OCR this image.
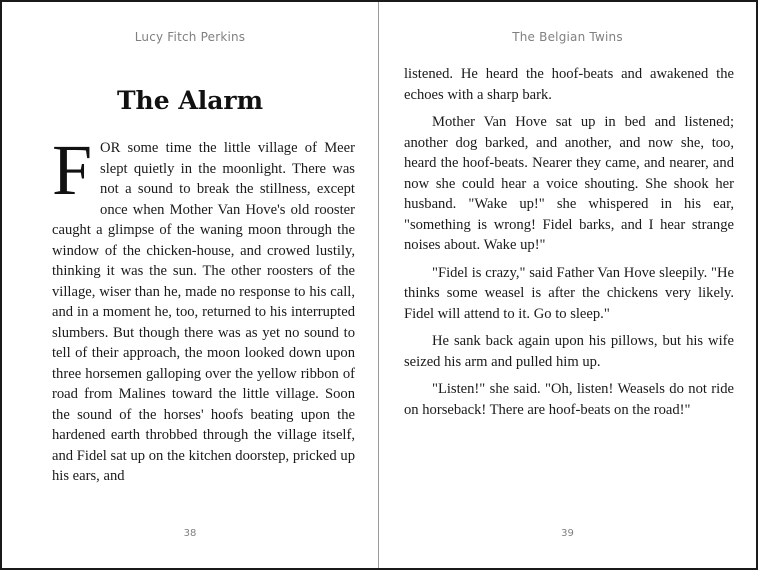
Lucy Fitch Perkins
The Alarm

FOR some time the little village of Meer slept quietly in the moonlight. There was not a sound to break the stillness, except once when Mother Van Hove's old rooster caught a glimpse of the waning moon through the window of the chicken-house, and crowed lustily, thinking it was the sun. The other roosters of the village, wiser than he, made no response to his call, and in a moment he, too, returned to his interrupted slumbers. But though there was as yet no sound to tell of their approach, the moon looked down upon three horsemen galloping over the yellow ribbon of road from Malines toward the little village. Soon the sound of the horses' hoofs beating upon the hardened earth throbbed through the village itself, and Fidel sat up on the kitchen doorstep, pricked up his ears, and

38
The Belgian Twins

listened. He heard the hoof-beats and awakened the echoes with a sharp bark.

Mother Van Hove sat up in bed and listened; another dog barked, and another, and now she, too, heard the hoof-beats. Nearer they came, and nearer, and now she could hear a voice shouting. She shook her husband. "Wake up!" she whispered in his ear, "something is wrong! Fidel barks, and I hear strange noises about. Wake up!"

"Fidel is crazy," said Father Van Hove sleepily. "He thinks some weasel is after the chickens very likely. Fidel will attend to it. Go to sleep."

He sank back again upon his pillows, but his wife seized his arm and pulled him up.

"Listen!" she said. "Oh, listen! Weasels do not ride on horseback! There are hoof-beats on the road!"

39
